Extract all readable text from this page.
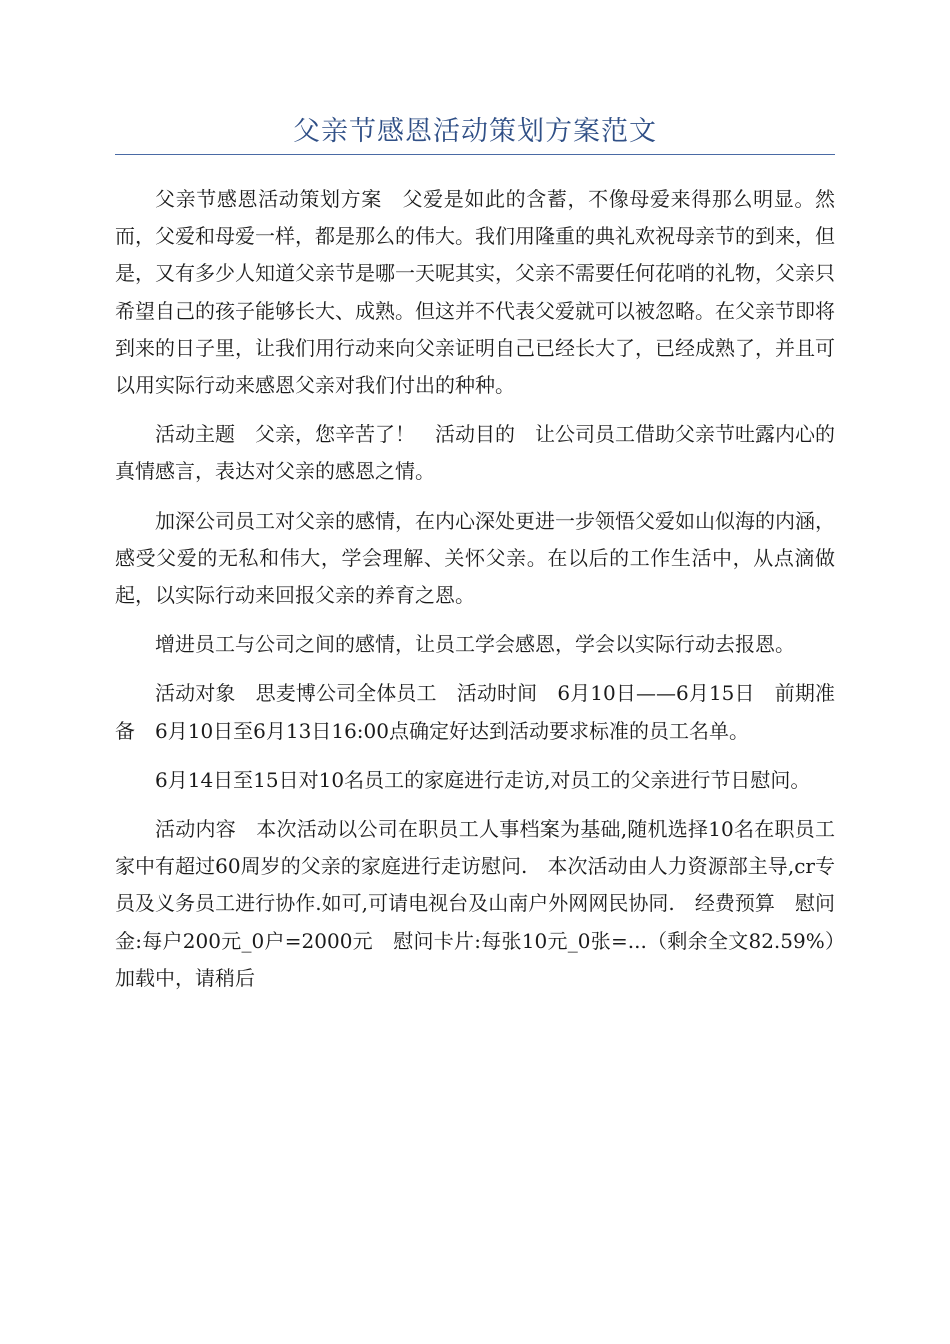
父亲节感恩活动策划方案范文

父亲节感恩活动策划方案　父爱是如此的含蓄，不像母爱来得那么明显。然而，父爱和母爱一样，都是那么的伟大。我们用隆重的典礼欢祝母亲节的到来，但是，又有多少人知道父亲节是哪一天呢其实，父亲不需要任何花哨的礼物，父亲只希望自己的孩子能够长大、成熟。但这并不代表父爱就可以被忽略。在父亲节即将到来的日子里，让我们用行动来向父亲证明自己已经长大了，已经成熟了，并且可以用实际行动来感恩父亲对我们付出的种种。

活动主题　父亲，您辛苦了！　活动目的　让公司员工借助父亲节吐露内心的真情感言，表达对父亲的感恩之情。

加深公司员工对父亲的感情，在内心深处更进一步领悟父爱如山似海的内涵，感受父爱的无私和伟大，学会理解、关怀父亲。在以后的工作生活中，从点滴做起，以实际行动来回报父亲的养育之恩。

增进员工与公司之间的感情，让员工学会感恩，学会以实际行动去报恩。

活动对象　思麦博公司全体员工　活动时间　6月10日——6月15日　前期准备　6月10日至6月13日16:00点确定好达到活动要求标准的员工名单。

6月14日至15日对10名员工的家庭进行走访,对员工的父亲进行节日慰问。

活动内容　本次活动以公司在职员工人事档案为基础,随机选择10名在职员工家中有超过60周岁的父亲的家庭进行走访慰问.　本次活动由人力资源部主导,cr专员及义务员工进行协作.如可,可请电视台及山南户外网网民协同.　经费预算　慰问金:每户200元_0户=2000元　慰问卡片:每张10元_0张=...（剩余全文82.59%）　加载中，请稍后
